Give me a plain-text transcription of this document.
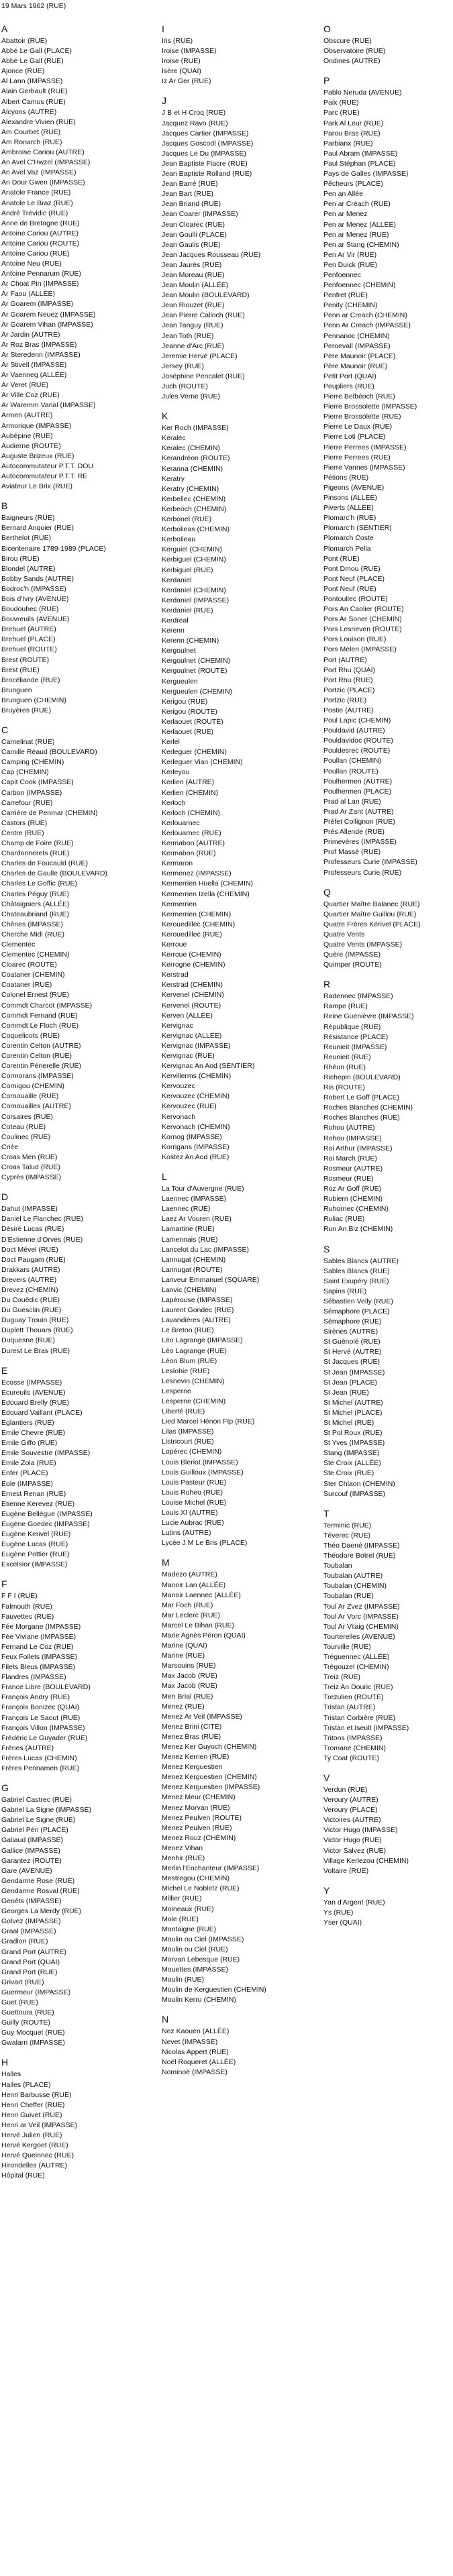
19 Mars 1962 (RUE)
A
Abattoir (RUE)
Abbé Le Gall (PLACE)
Abbé Le Gall (RUE)
Ajonce (RUE)
Al Lann (IMPASSE)
Alain Gerbault (RUE)
Albert Camus (RUE)
Alcyons (AUTRE)
Alexandre Vivien (RUE)
Am Courbet (RUE)
Am Ronarch (RUE)
Ambroise Cariou (AUTRE)
An Avel C'Hwzel (IMPASSE)
An Avel Vaz (IMPASSE)
An Dour Gwen (IMPASSE)
Anatole France (RUE)
Anatole Le Braz (RUE)
André Trévidic (RUE)
Anne de Bretagne (RUE)
Antoine Cariou (AUTRE)
Antoine Cariou (ROUTE)
Antoine Cariou (RUE)
Antoine Neu (RUE)
Antoine Pennarum (RUE)
Ar Choat Pin (IMPASSE)
Ar Faou (ALLÉE)
Ar Goarem (IMPASSE)
Ar Goarem Neuez (IMPASSE)
Ar Goarem Vihan (IMPASSE)
Ar Jardin (AUTRE)
Ar Roz Bras (IMPASSE)
Ar Steredenn (IMPASSE)
Ar Stivell (IMPASSE)
Ar Vaenneg (ALLÉE)
Ar Veret (RUE)
Ar Ville Coz (RUE)
Ar Waremm Vanal (IMPASSE)
Armen (AUTRE)
Armorique (IMPASSE)
Aubépine (RUE)
Audierne (ROUTE)
Auguste Brizeux (RUE)
Autocommutateur P.T.T. DOU
Autocommutateur P.T.T. RE
Aviateur Le Brix (RUE)
B
Baigneurs (RUE)
Bernard Anquier (RUE)
Berthelot (RUE)
Bicentenaire 1789-1989 (PLACE)
Birou (RUE)
Blondel (AUTRE)
Bobby Sands (AUTRE)
Bodroc'h (IMPASSE)
Bois d'Ivry (AVENUE)
Boudouhec (RUE)
Bouvreuils (AVENUE)
Brehuel (AUTRE)
Brehuel (PLACE)
Brehuel (ROUTE)
Brest (ROUTE)
Brest (RUE)
Brocéliande (RUE)
Brunguen
Brunguen (CHEMIN)
Bruyères (RUE)
C
Camelinat (RUE)
Camille Réaud (BOULEVARD)
Camping (CHEMIN)
Cap (CHEMIN)
Capit Cook (IMPASSE)
Carbon (IMPASSE)
Carrefour (RUE)
Carrière de Penmar (CHEMIN)
Castors (RUE)
Centre (RUE)
Champ de Foire (RUE)
Chardonnerets (RUE)
Charles de Foucauld (RUE)
Charles de Gaulle (BOULEVARD)
Charles Le Goffic (RUE)
Charles Péguy (RUE)
Châtaigniers (ALLÉE)
Chateaubriand (RUE)
Chênes (IMPASSE)
Cherche Midi (RUE)
Clementec
Clementec (CHEMIN)
Cloarec (ROUTE)
Coataner (CHEMIN)
Coataner (RUE)
Colonel Ernest (RUE)
Commdt Charcot (IMPASSE)
Commdt Fernand (RUE)
Commdt Le Floch (RUE)
Coquelicots (RUE)
Corentin Celton (AUTRE)
Corentin Celton (RUE)
Corentin Pénerelle (RUE)
Cormorans (IMPASSE)
Cornigou (CHEMIN)
Cornouaille (RUE)
Cornouailles (AUTRE)
Corsaires (RUE)
Coteau (RUE)
Coulinec (RUE)
Criée
Croas Men (RUE)
Croas Talud (RUE)
Cyprès (IMPASSE)
D
Dahut (IMPASSE)
Daniel Le Flanchec (RUE)
Désiré Lucas (RUE)
D'Estienne d'Orves (RUE)
Doct Mével (RUE)
Doct Paugam (RUE)
Drakkars (AUTRE)
Drevers (AUTRE)
Drevez (CHEMIN)
Du Couëdic (RUE)
Du Guesclin (RUE)
Duguay Trouin (RUE)
Duplett Thouars (RUE)
Duquesne (RUE)
Durest Le Bras (RUE)
E
Ecosse (IMPASSE)
Ecureuils (AVENUE)
Edouard Brelly (RUE)
Edouard Vaillant (PLACE)
Eglantiers (RUE)
Emile Chevre (RUE)
Emile Giffo (RUE)
Emile Souvestre (IMPASSE)
Emile Zola (RUE)
Enfer (PLACE)
Eole (IMPASSE)
Ernest Renan (RUE)
Etienne Kerevez (RUE)
Eugène Bellègue (IMPASSE)
Eugène Goedec (IMPASSE)
Eugène Kerivel (RUE)
Eugène Lucas (RUE)
Eugène Pottier (RUE)
Excelsior (IMPASSE)
F
F F I (RUE)
Falmouth (RUE)
Fauvettes (RUE)
Fée Morgane (IMPASSE)
Fée Viviane (IMPASSE)
Fernand Le Coz (RUE)
Feux Follets (IMPASSE)
Filets Bleus (IMPASSE)
Flandres (IMPASSE)
France Libre (BOULEVARD)
François Andry (RUE)
François Bonizec (QUAI)
François Le Saout (RUE)
François Villon (IMPASSE)
Frédéric Le Guyader (RUE)
Frênes (AUTRE)
Frères Lucas (CHEMIN)
Frères Pennamen (RUE)
G
Gabriel Castrec (RUE)
Gabriel La Signe (IMPASSE)
Gabriel Le Signe (RUE)
Gabriel Péri (PLACE)
Galiaud (IMPASSE)
Gallice (IMPASSE)
Garantez (ROUTE)
Gare (AVENUE)
Gendarme Rose (RUE)
Gendarme Rosval (RUE)
Genêts (IMPASSE)
Georges La Merdy (RUE)
Golvez (IMPASSE)
Graal (IMPASSE)
Gradlon (RUE)
Grand Port (AUTRE)
Grand Port (QUAI)
Grand Port (RUE)
Grivart (RUE)
Guermeur (IMPASSE)
Guet (RUE)
Guettoura (RUE)
Guilly (ROUTE)
Guy Mocquet (RUE)
Gwalarn (IMPASSE)
H
Halles
Halles (PLACE)
Henri Barbusse (RUE)
Henri Cheffer (RUE)
Henri Guivet (RUE)
Henri ar Veil (IMPASSE)
Hervé Julien (RUE)
Hervé Kergoet (RUE)
Hervé Queinnec (RUE)
Hirondelles (AUTRE)
Hôpital (RUE)
I
Iris (RUE)
Iroise (IMPASSE)
Iroise (RUE)
Isère (QUAI)
Iz Ar Ger (RUE)
J
J B et H Croq (RUE)
Jacquez Ravo (RUE)
Jacques Cartier (IMPASSE)
Jacques Goscodl (IMPASSE)
Jacques Le Du (IMPASSE)
Jean Baptiste Fiacre (RUE)
Jean Baptiste Rolland (RUE)
Jean Barré (RUE)
Jean Bart (RUE)
Jean Briand (RUE)
Jean Coarer (IMPASSE)
Jean Cloarec (RUE)
Jean Goulli (PLACE)
Jean Gaulis (RUE)
Jean Jacques Rousseau (RUE)
Jean Jaurès (RUE)
Jean Moreau (RUE)
Jean Moulin (ALLÉE)
Jean Moulin (BOULEVARD)
Jean Riouzet (RUE)
Jean Pierre Calloch (RUE)
Jean Tanguy (RUE)
Jean Toth (RUE)
Jeanne d'Arc (RUE)
Jeremie Hervé (PLACE)
Jersey (RUE)
Joséphine Pencalet (RUE)
Juch (ROUTE)
Jules Verne (RUE)
K
Ker Roch (IMPASSE)
Keraléc
Keralec (CHEMIN)
Kerandréon (ROUTE)
Keranna (CHEMIN)
Keratry
Keratry (CHEMIN)
Kerbellec (CHEMIN)
Kerbeoch (CHEMIN)
Kerbonel (RUE)
Kerbolieas (CHEMIN)
Kerbolieau
Kerguiel (CHEMIN)
Kerbiguel (CHEMIN)
Kerbiguel (RUE)
Kerdaniel
Kerdaniel (CHEMIN)
Kerdaniel (IMPASSE)
Kerdaniel (RUE)
Kerdreal
Kerenn
Kerenn (CHEMIN)
Kergoulnet
Kergoulnet (CHEMIN)
Kergoulnet (ROUTE)
Kergueulen
Kergueulen (CHEMIN)
Kerigou (RUE)
Kerigou (ROUTE)
Kerlaouet (ROUTE)
Kerlaouet (RUE)
Kerlel
Kerleguer (CHEMIN)
Kerleguer Vian (CHEMIN)
Kerleyou
Kerlien (AUTRE)
Kerlien (CHEMIN)
Kerloch
Kerloch (CHEMIN)
Kerlouarnec
Kerlouarnec (RUE)
Kermabon (AUTRE)
Kermabon (RUE)
Kermaron
Kermenez (IMPASSE)
Kermerrien Huella (CHEMIN)
Kermerrien Izella (CHEMIN)
Kermerrien
Kermerrien (CHEMIN)
Kerouedillec (CHEMIN)
Kerouedillec (RUE)
Kerroue
Kerroue (CHEMIN)
Kerrogne (CHEMIN)
Kerstrad
Kerstrad (CHEMIN)
Kervenel (CHEMIN)
Kervenel (ROUTE)
Kerven (ALLÉE)
Kervignac
Kervignac (ALLÉE)
Kervignac (IMPASSE)
Kervignac (RUE)
Kervignac An Aod (SENTIER)
Kervillerms (CHEMIN)
Kervouzec
Kervouzec (CHEMIN)
Kervouzec (RUE)
Kervonach
Kervonach (CHEMIN)
Kornog (IMPASSE)
Korrigans (IMPASSE)
Kostez An Aod (RUE)
L
La Tour d'Auvergne (RUE)
Laennec (IMPASSE)
Laennec (RUE)
Laez Ar Vouren (RUE)
Lamartine (RUE)
Lamennais (RUE)
Lancelot du Lac (IMPASSE)
Lannugat (CHEMIN)
Lannugat (ROUTE)
Lanveur Emmanuel (SQUARE)
Lanvic (CHEMIN)
Lapérouse (IMPASSE)
Laurent Gondec (RUE)
Lavandières (AUTRE)
Le Breton (RUE)
Léo Lagrange (IMPASSE)
Léo Lagrange (RUE)
Léon Blum (RUE)
Leslohie (RUE)
Lesnevin (CHEMIN)
Lesperne
Lesperne (CHEMIN)
Liberté (RUE)
Lied Marcel Hénon Ftp (RUE)
Lilas (IMPASSE)
Listricourt (RUE)
Lopérec (CHEMIN)
Louis Bleriot (IMPASSE)
Louis Guilloux (IMPASSE)
Louis Pasteur (RUE)
Louis Roheo (RUE)
Louise Michel (RUE)
Louis XI (AUTRE)
Lucie Aubrac (RUE)
Lutins (AUTRE)
Lycée J M Le Bris (PLACE)
M
Madezo (AUTRE)
Manoir Lan (ALLÉE)
Manoir Laennec (ALLÉE)
Mar Foch (RUE)
Mar Leclerc (RUE)
Marcel Le Bihan (RUE)
Marie Agnès Péron (QUAI)
Marine (QUAI)
Marine (RUE)
Marsouins (RUE)
Max Jacob (RUE)
Max Jacob (RUE)
Men Brial (RUE)
Menez (RUE)
Menez Ar Veil (IMPASSE)
Menez Brini (CITÉ)
Menez Bras (RUE)
Menez Ker Guyoch (CHEMIN)
Menez Kerrien (RUE)
Menez Kerguestien
Menez Kerguestien (CHEMIN)
Menez Kerguestien (IMPASSE)
Menez Meur (CHEMIN)
Menez Morvan (RUE)
Menez Peulven (ROUTE)
Menez Peulven (RUE)
Menez Rouz (CHEMIN)
Menez Vihan
Menhir (RUE)
Merlin l'Enchanteur (IMPASSE)
Mestregou (CHEMIN)
Michel Le Nobletz (RUE)
Millier (RUE)
Moineaux (RUE)
Mole (RUE)
Montaigne (RUE)
Moulin ou Ciel (IMPASSE)
Moulin ou Ciel (RUE)
Morvan Lebesque (RUE)
Mouettes (IMPASSE)
Moulin (RUE)
Moulin de Kerguestien (CHEMIN)
Moulin Kerru (CHEMIN)
N
Nez Kaouen (ALLÉE)
Nevet (IMPASSE)
Nicolas Appert (RUE)
Noël Roqueret (ALLÉE)
Nominoë (IMPASSE)
O
Obscure (RUE)
Observatoire (RUE)
Ondines (AUTRE)
P
Pablo Neruda (AVENUE)
Paix (RUE)
Parc (RUE)
Park Al Leur (RUE)
Parou Bras (RUE)
Parbianx (RUE)
Paul Abram (IMPASSE)
Paul Stéphan (PLACE)
Pays de Galles (IMPASSE)
Pêcheurs (PLACE)
Pen an Allée
Pen ar Créach (RUE)
Pen ar Menez
Pen ar Menez (ALLÉE)
Pen ar Menez (RUE)
Pen ar Stang (CHEMIN)
Pen Ar Vir (RUE)
Pen Duick (RUE)
Penfoennec
Penfoennec (CHEMIN)
Penfret (RUE)
Penity (CHEMIN)
Penn ar Creach (CHEMIN)
Penn Ar Creach (IMPASSE)
Pennanoc (CHEMIN)
Peroevall (IMPASSE)
Père Maunoir (PLACE)
Père Maunoir (RUE)
Petit Port (QUAI)
Peupliers (RUE)
Pierre Belbéoch (RUE)
Pierre Brossolette (IMPASSE)
Pierre Brossolette (RUE)
Pierre Le Daux (RUE)
Pierre Loti (PLACE)
Pierre Perrees (IMPASSE)
Pierre Perrees (RUE)
Pierre Vannes (IMPASSE)
Pétions (RUE)
Pigeons (AVENUE)
Pinsons (ALLÉE)
Piverts (ALLÉE)
Plomarc'h (RUE)
Plomarc'h (SENTIER)
Plomarch Coste
Plomarch Pella
Pont (RUE)
Pont Dmou (RUE)
Pont Neuf (PLACE)
Pont Neuf (RUE)
Pontoullec (ROUTE)
Pors An Caolier (ROUTE)
Pors Ar Soner (CHEMIN)
Pors Lesneven (ROUTE)
Pors Louison (RUE)
Pors Melen (IMPASSE)
Port (AUTRE)
Port Rhu (QUAI)
Port Rhu (RUE)
Portzic (PLACE)
Portzic (RUE)
Postie (AUTRE)
Poul Lapic (CHEMIN)
Pouldavid (AUTRE)
Pouldavidoc (ROUTE)
Pouldesrec (ROUTE)
Poullan (CHEMIN)
Poullan (ROUTE)
Poulhermen (AUTRE)
Poulhermen (PLACE)
Prad al Lan (RUE)
Prad Ar Zant (AUTRE)
Préfet Collignon (RUE)
Prés Allende (RUE)
Primevères (IMPASSE)
Prof Massé (RUE)
Professeurs Curie (IMPASSE)
Professeurs Curie (RUE)
Q
Quartier Maître Balanec (RUE)
Quartier Maître Guillou (RUE)
Quatre Frères Kérivel (PLACE)
Quatre Vents
Quatre Vents (IMPASSE)
Quère (IMPASSE)
Quimper (ROUTE)
R
Radennec (IMPASSE)
Rampe (RUE)
Reine Guenièvre (IMPASSE)
République (RUE)
Résistance (PLACE)
Reunieit (IMPASSE)
Reunieit (RUE)
Rhéun (RUE)
Richepin (BOULEVARD)
Ris (ROUTE)
Robert Le Goff (PLACE)
Roches Blanches (CHEMIN)
Roches Blanches (RUE)
Rohou (AUTRE)
Rohou (IMPASSE)
Roi Arthur (IMPASSE)
Roi March (RUE)
Rosmeur (AUTRE)
Rosmeur (RUE)
Roz Ar Goff (RUE)
Rubiern (CHEMIN)
Ruhornec (CHEMIN)
Ruliac (RUE)
Run An Biz (CHEMIN)
S
Sables Blancs (AUTRE)
Sables Blancs (RUE)
Saint Exupéry (RUE)
Sapins (RUE)
Sébastien Velly (RUE)
Sémaphore (PLACE)
Sémaphore (RUE)
Sirènes (AUTRE)
St Guénolé (RUE)
St Hervé (AUTRE)
St Jacques (RUE)
St Jean (IMPASSE)
St Jean (PLACE)
St Jean (RUE)
St Michel (AUTRE)
St Michel (PLACE)
St Michel (RUE)
St Pol Roux (RUE)
St Yves (IMPASSE)
Stang (IMPASSE)
Ste Croix (ALLÉE)
Ste Croix (RUE)
Ster Chlaon (CHEMIN)
Surcouf (IMPASSE)
T
Terminic (RUE)
Téverec (RUE)
Théo Daené (IMPASSE)
Théodore Botrel (RUE)
Toubalan
Toubalan (AUTRE)
Toubalan (CHEMIN)
Toubalan (RUE)
Toul Ar Zvez (IMPASSE)
Toul Ar Vorc (IMPASSE)
Toul Ar Vilaig (CHEMIN)
Tourterelles (AVENUE)
Tourville (RUE)
Tréguennec (ALLÉE)
Trégouzel (CHEMIN)
Treiz (RUE)
Treiz An Douric (RUE)
Trezulien (ROUTE)
Tristan (AUTRE)
Tristan Corbière (RUE)
Tristan et Iseult (IMPASSE)
Tritons (IMPASSE)
Tromane (CHEMIN)
Ty Coat (ROUTE)
V
Verdun (RUE)
Veroury (AUTRE)
Veroury (PLACE)
Victoires (AUTRE)
Victor Hugo (IMPASSE)
Victor Hugo (RUE)
Victor Salvez (RUE)
Village Kerlezou (CHEMIN)
Voltaire (RUE)
Y
Yan d'Argent (RUE)
Ys (RUE)
Yser (QUAI)
